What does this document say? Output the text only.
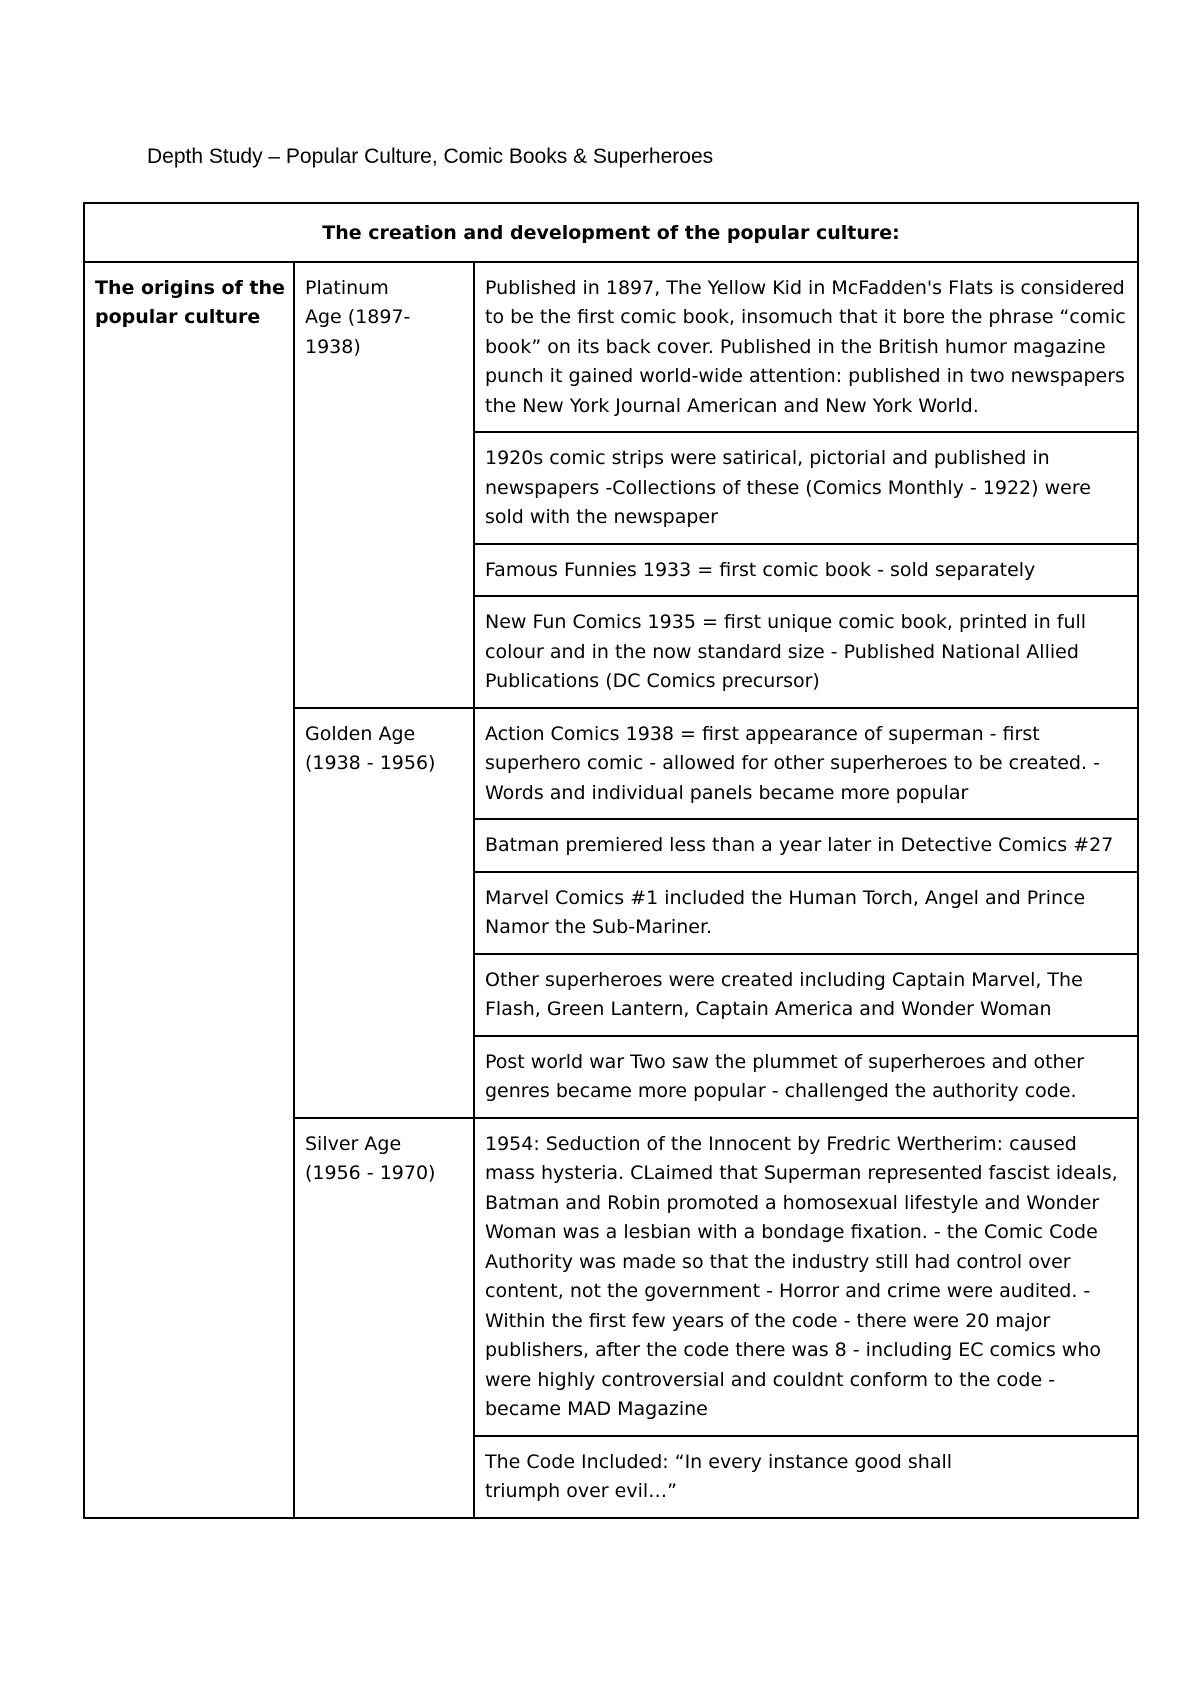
Depth Study – Popular Culture, Comic Books & Superheroes
The creation and development of the popular culture:		
The origins of the popular culture	Platinum Age (1897- 1938)	Published in 1897, The Yellow Kid in McFadden's Flats is considered to be the first comic book, insomuch that it bore the phrase “comic book” on its back cover. Published in the British humor magazine punch it gained world-wide attention: published in two newspapers the New York Journal American and New York World.
		1920s comic strips were satirical, pictorial and published in newspapers -Collections of these (Comics Monthly - 1922) were sold with the newspaper
		Famous Funnies 1933 = first comic book - sold separately
		New Fun Comics 1935 = first unique comic book, printed in full colour and in the now standard size - Published National Allied Publications (DC Comics precursor)

	Golden Age (1938 - 1956)	Action Comics 1938 = first appearance of superman - first superhero comic - allowed for other superheroes to be created. - Words and individual panels became more popular
		Batman premiered less than a year later in Detective Comics #27
		Marvel Comics #1 included the Human Torch, Angel and Prince Namor the Sub-Mariner.
		Other superheroes were created including Captain Marvel, The Flash, Green Lantern, Captain America and Wonder Woman
		Post world war Two saw the plummet of superheroes and other genres became more popular - challenged the authority code.

	Silver Age (1956 - 1970)	1954: Seduction of the Innocent by Fredric Wertherim: caused mass hysteria. CLaimed that Superman represented fascist ideals, Batman and Robin promoted a homosexual lifestyle and Wonder Woman was a lesbian with a bondage fixation. - the Comic Code Authority was made so that the industry still had control over content, not the government - Horror and crime were audited. - Within the first few years of the code - there were 20 major publishers, after the code there was 8 - including EC comics who were highly controversial and couldnt conform to the code - became MAD Magazine

		The Code Included: “In every instance good shall triumph over evil…”
